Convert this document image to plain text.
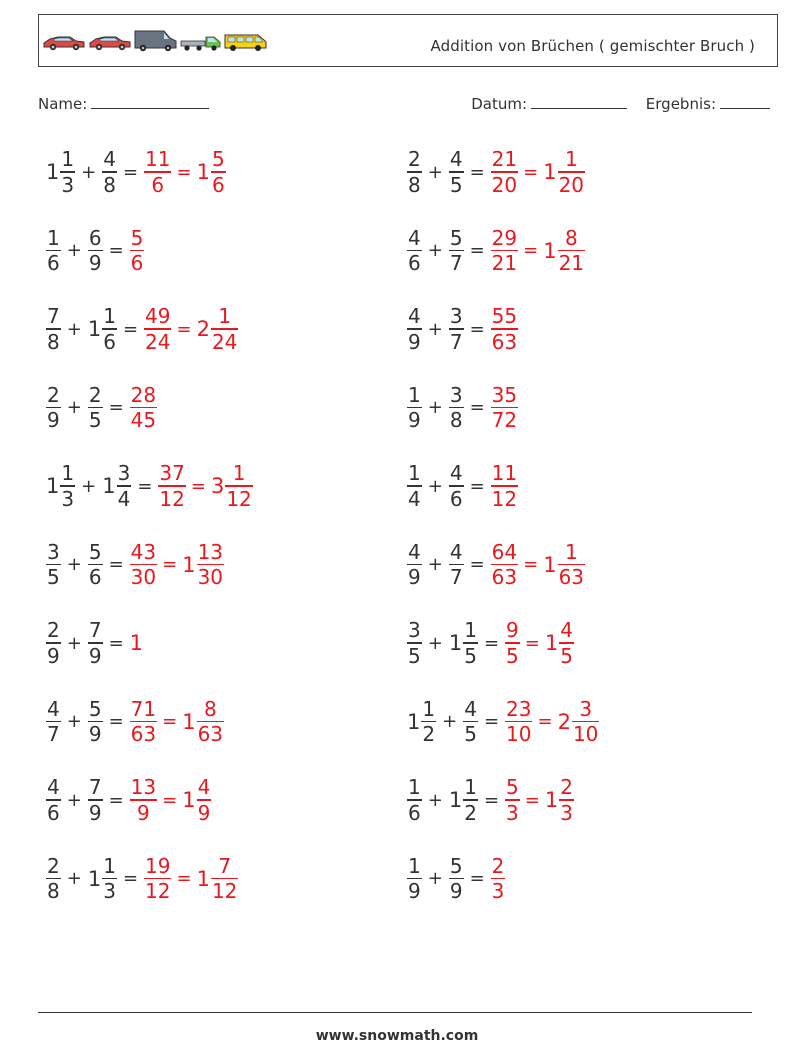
Addition von Brüchen ( gemischter Bruch )
Name:	Datum:	Ergebnis:
$1 \frac{1}{3} + \frac{4}{8} = \frac{11}{6} = 1 \frac{5}{6}$
$\frac{1}{6} + \frac{6}{9} = \frac{5}{6}$
$\frac{7}{8} + 1 \frac{1}{6} = \frac{49}{24} = 2 \frac{1}{24}$
$\frac{2}{9} + \frac{2}{5} = \frac{28}{45}$
$1 \frac{1}{3} + 1 \frac{3}{4} = \frac{37}{12} = 3 \frac{1}{12}$
$\frac{3}{5} + \frac{5}{6} = \frac{43}{30} = 1 \frac{13}{30}$
$\frac{2}{9} + \frac{7}{9} = 1$
$\frac{4}{7} + \frac{5}{9} = \frac{71}{63} = 1 \frac{8}{63}$
$\frac{4}{6} + \frac{7}{9} = \frac{13}{9} = 1 \frac{4}{9}$
$\frac{2}{8} + 1 \frac{1}{3} = \frac{19}{12} = 1 \frac{7}{12}$
$\frac{2}{8} + \frac{4}{5} = \frac{21}{20} = 1 \frac{1}{20}$
$\frac{4}{6} + \frac{5}{7} = \frac{29}{21} = 1 \frac{8}{21}$
$\frac{4}{9} + \frac{3}{7} = \frac{55}{63}$
$\frac{1}{9} + \frac{3}{8} = \frac{35}{72}$
$\frac{1}{4} + \frac{4}{6} = \frac{11}{12}$
$\frac{4}{9} + \frac{4}{7} = \frac{64}{63} = 1 \frac{1}{63}$
$\frac{3}{5} + 1 \frac{1}{5} = \frac{9}{5} = 1 \frac{4}{5}$
$1 \frac{1}{2} + \frac{4}{5} = \frac{23}{10} = 2 \frac{3}{10}$
$\frac{1}{6} + 1 \frac{1}{2} = \frac{5}{3} = 1 \frac{2}{3}$
$\frac{1}{9} + \frac{5}{9} = \frac{2}{3}$
www.snowmath.com
